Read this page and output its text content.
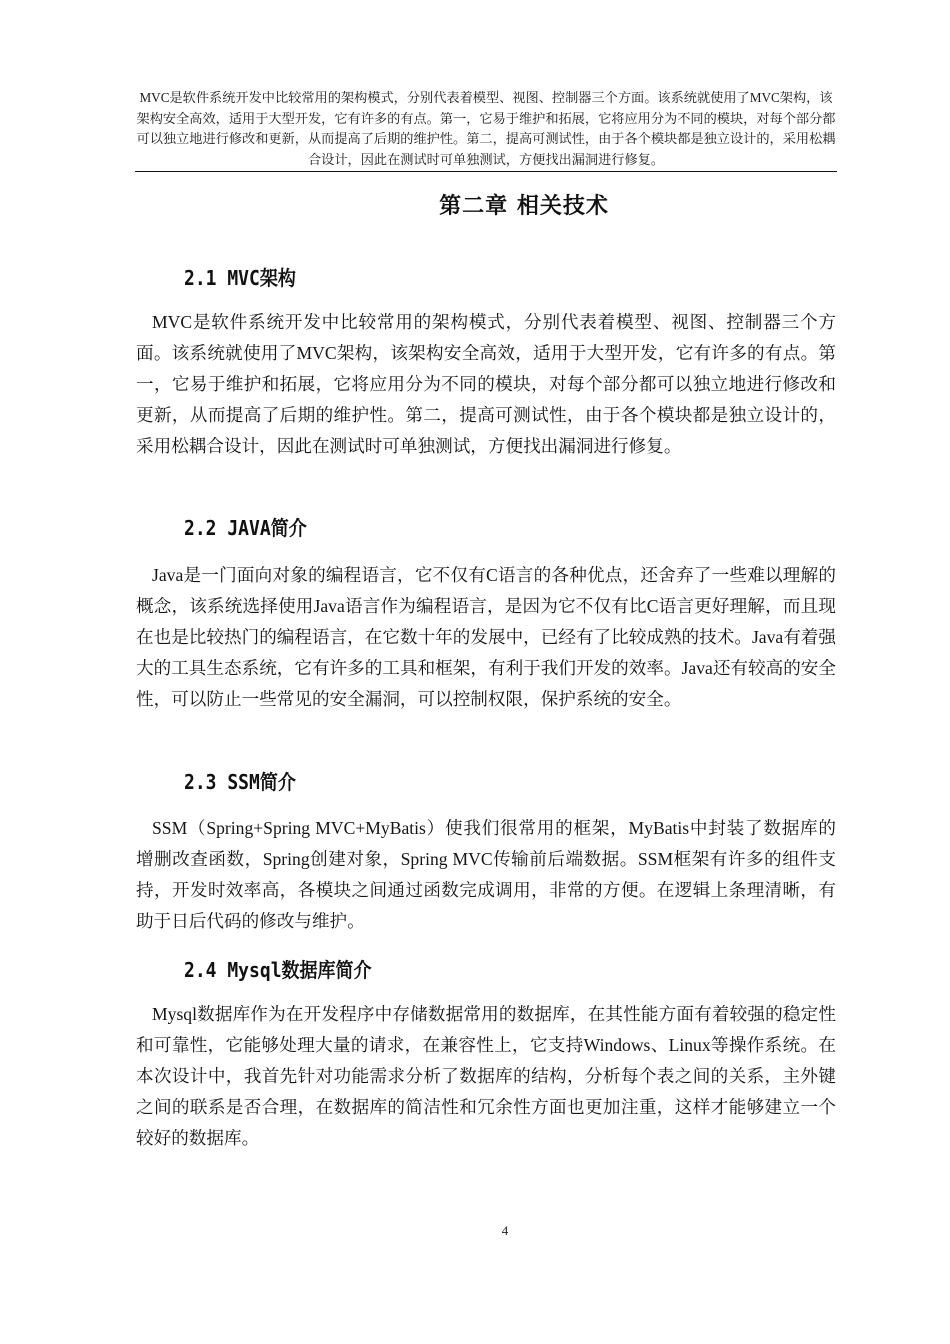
MVC是软件系统开发中比较常用的架构模式，分别代表着模型、视图、控制器三个方面。该系统就使用了MVC架构，该架构安全高效，适用于大型开发，它有许多的有点。第一，它易于维护和拓展，它将应用分为不同的模块，对每个部分都可以独立地进行修改和更新，从而提高了后期的维护性。第二，提高可测试性，由于各个模块都是独立设计的，采用松耦合设计，因此在测试时可单独测试，方便找出漏洞进行修复。
第二章 相关技术
2.1 MVC架构
MVC是软件系统开发中比较常用的架构模式，分别代表着模型、视图、控制器三个方面。该系统就使用了MVC架构，该架构安全高效，适用于大型开发，它有许多的有点。第一，它易于维护和拓展，它将应用分为不同的模块，对每个部分都可以独立地进行修改和更新，从而提高了后期的维护性。第二，提高可测试性，由于各个模块都是独立设计的，采用松耦合设计，因此在测试时可单独测试，方便找出漏洞进行修复。
2.2 JAVA简介
Java是一门面向对象的编程语言，它不仅有C语言的各种优点，还舍弃了一些难以理解的概念，该系统选择使用Java语言作为编程语言，是因为它不仅有比C语言更好理解，而且现在也是比较热门的编程语言，在它数十年的发展中，已经有了比较成熟的技术。Java有着强大的工具生态系统，它有许多的工具和框架，有利于我们开发的效率。Java还有较高的安全性，可以防止一些常见的安全漏洞，可以控制权限，保护系统的安全。
2.3 SSM简介
SSM（Spring+Spring MVC+MyBatis）使我们很常用的框架，MyBatis中封装了数据库的增删改查函数，Spring创建对象，Spring MVC传输前后端数据。SSM框架有许多的组件支持，开发时效率高，各模块之间通过函数完成调用，非常的方便。在逻辑上条理清晰，有助于日后代码的修改与维护。
2.4 Mysql数据库简介
Mysql数据库作为在开发程序中存储数据常用的数据库，在其性能方面有着较强的稳定性和可靠性，它能够处理大量的请求，在兼容性上，它支持Windows、Linux等操作系统。在本次设计中，我首先针对功能需求分析了数据库的结构，分析每个表之间的关系，主外键之间的联系是否合理，在数据库的简洁性和冗余性方面也更加注重，这样才能够建立一个较好的数据库。
4
